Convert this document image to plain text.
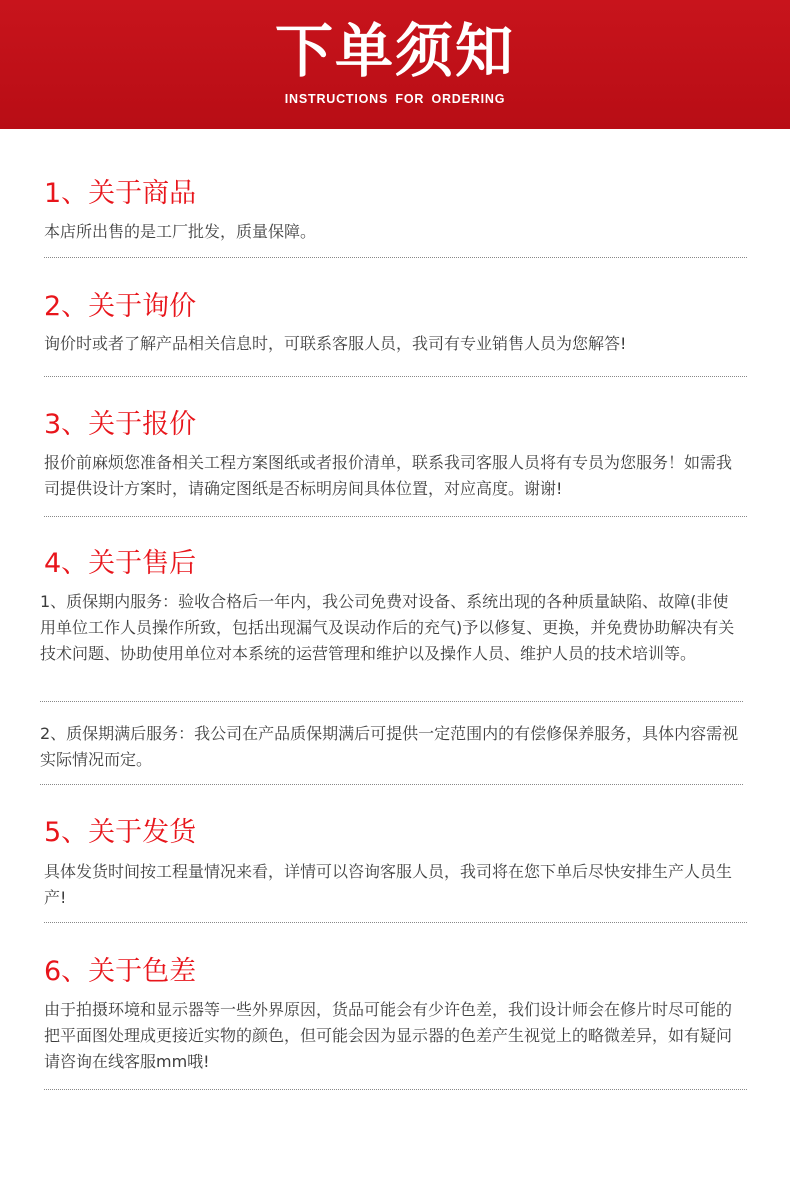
下单须知
INSTRUCTIONS FOR ORDERING
1、关于商品
本店所出售的是工厂批发，质量保障。
2、关于询价
询价时或者了解产品相关信息时，可联系客服人员，我司有专业销售人员为您解答!
3、关于报价
报价前麻烦您准备相关工程方案图纸或者报价清单，联系我司客服人员将有专员为您服务！如需我司提供设计方案时，请确定图纸是否标明房间具体位置，对应高度。谢谢!
4、关于售后
1、质保期内服务：验收合格后一年内，我公司免费对设备、系统出现的各种质量缺陷、故障(非使用单位工作人员操作所致，包括出现漏气及误动作后的充气)予以修复、更换，并免费协助解决有关技术问题、协助使用单位对本系统的运营管理和维护以及操作人员、维护人员的技术培训等。
2、质保期满后服务：我公司在产品质保期满后可提供一定范围内的有偿修保养服务，具体内容需视实际情况而定。
5、关于发货
具体发货时间按工程量情况来看，详情可以咨询客服人员，我司将在您下单后尽快安排生产人员生产!
6、关于色差
由于拍摄环境和显示器等一些外界原因，货品可能会有少许色差，我们设计师会在修片时尽可能的把平面图处理成更接近实物的颜色，但可能会因为显示器的色差产生视觉上的略微差异，如有疑问请咨询在线客服mm哦!
